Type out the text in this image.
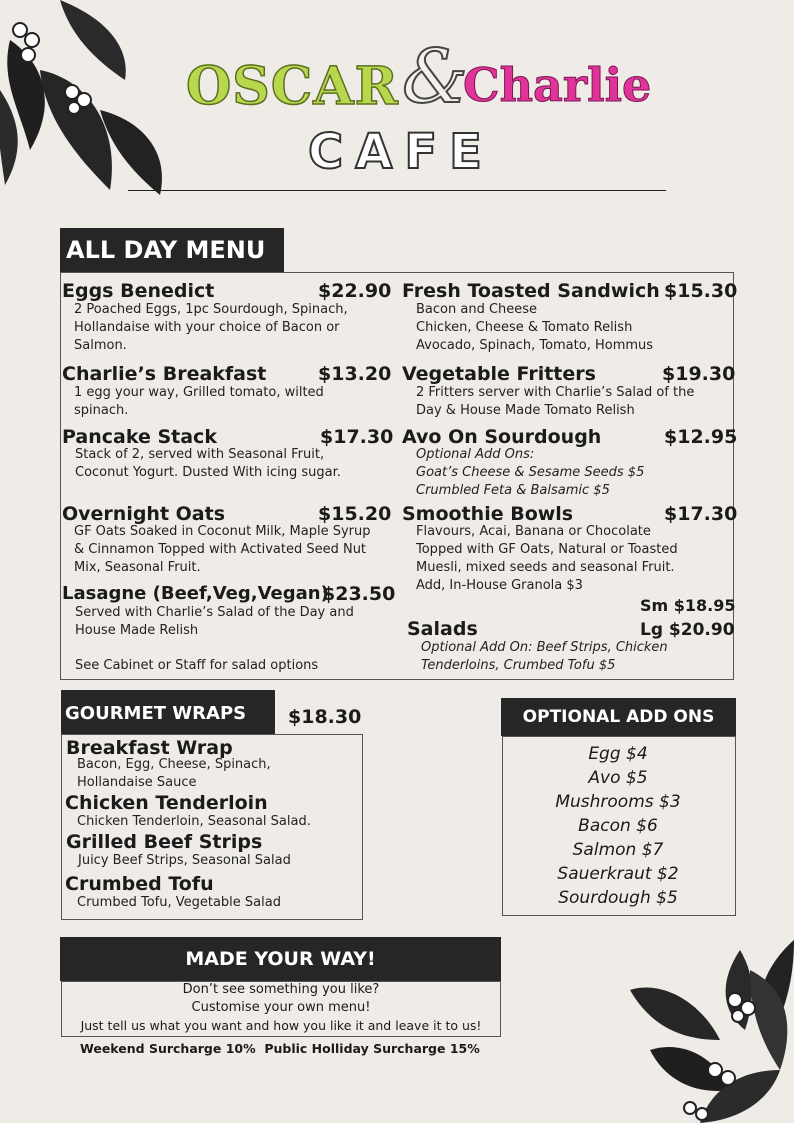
OSCAR &
Charlie
CAFE
ALL DAY MENU
Eggs Benedict	$22.90
2 Poached Eggs, 1pc Sourdough, Spinach,
Hollandaise with your choice of Bacon or
Salmon.
Charlie’s Breakfast	$13.20
1 egg your way, Grilled tomato, wilted
spinach.
Pancake Stack	$17.30
Stack of 2, served with Seasonal Fruit,
Coconut Yogurt. Dusted With icing sugar.
Overnight Oats	$15.20
GF Oats Soaked in Coconut Milk, Maple Syrup
& Cinnamon Topped with Activated Seed Nut
Mix, Seasonal Fruit.
Lasagne (Beef,Veg,Vegan)
$23.50
Served with Charlie’s Salad of the Day and
House Made Relish
See Cabinet or Staff for salad options
Fresh Toasted Sandwich $15.30
Bacon and Cheese
Chicken, Cheese & Tomato Relish
Avocado, Spinach, Tomato, Hommus
Vegetable Fritters	$19.30
2 Fritters server with Charlie’s Salad of the
Day & House Made Tomato Relish
Avo On Sourdough	$12.95
Optional Add Ons:
Goat’s Cheese & Sesame Seeds $5
Crumbled Feta & Balsamic $5
Smoothie Bowls	$17.30
Flavours, Acai, Banana or Chocolate
Topped with GF Oats, Natural or Toasted
Muesli, mixed seeds and seasonal Fruit.
Add, In-House Granola $3
Sm $18.95
Salads	Lg $20.90
Optional Add On: Beef Strips, Chicken
Tenderloins, Crumbed Tofu $5
GOURMET WRAPS	$18.30
Breakfast Wrap
Bacon, Egg, Cheese, Spinach,
Hollandaise Sauce
Chicken Tenderloin
Chicken Tenderloin, Seasonal Salad.
Grilled Beef Strips
Juicy Beef Strips, Seasonal Salad
Crumbed Tofu
Crumbed Tofu, Vegetable Salad
OPTIONAL ADD ONS
Egg $4
Avo $5
Mushrooms $3
Bacon $6
Salmon $7
Sauerkraut $2
Sourdough $5
MADE YOUR WAY!
Don’t see something you like?
Customise your own menu!
Just tell us what you want and how you like it and leave it to us!
Weekend Surcharge 10%  Public Holliday Surcharge 15%
